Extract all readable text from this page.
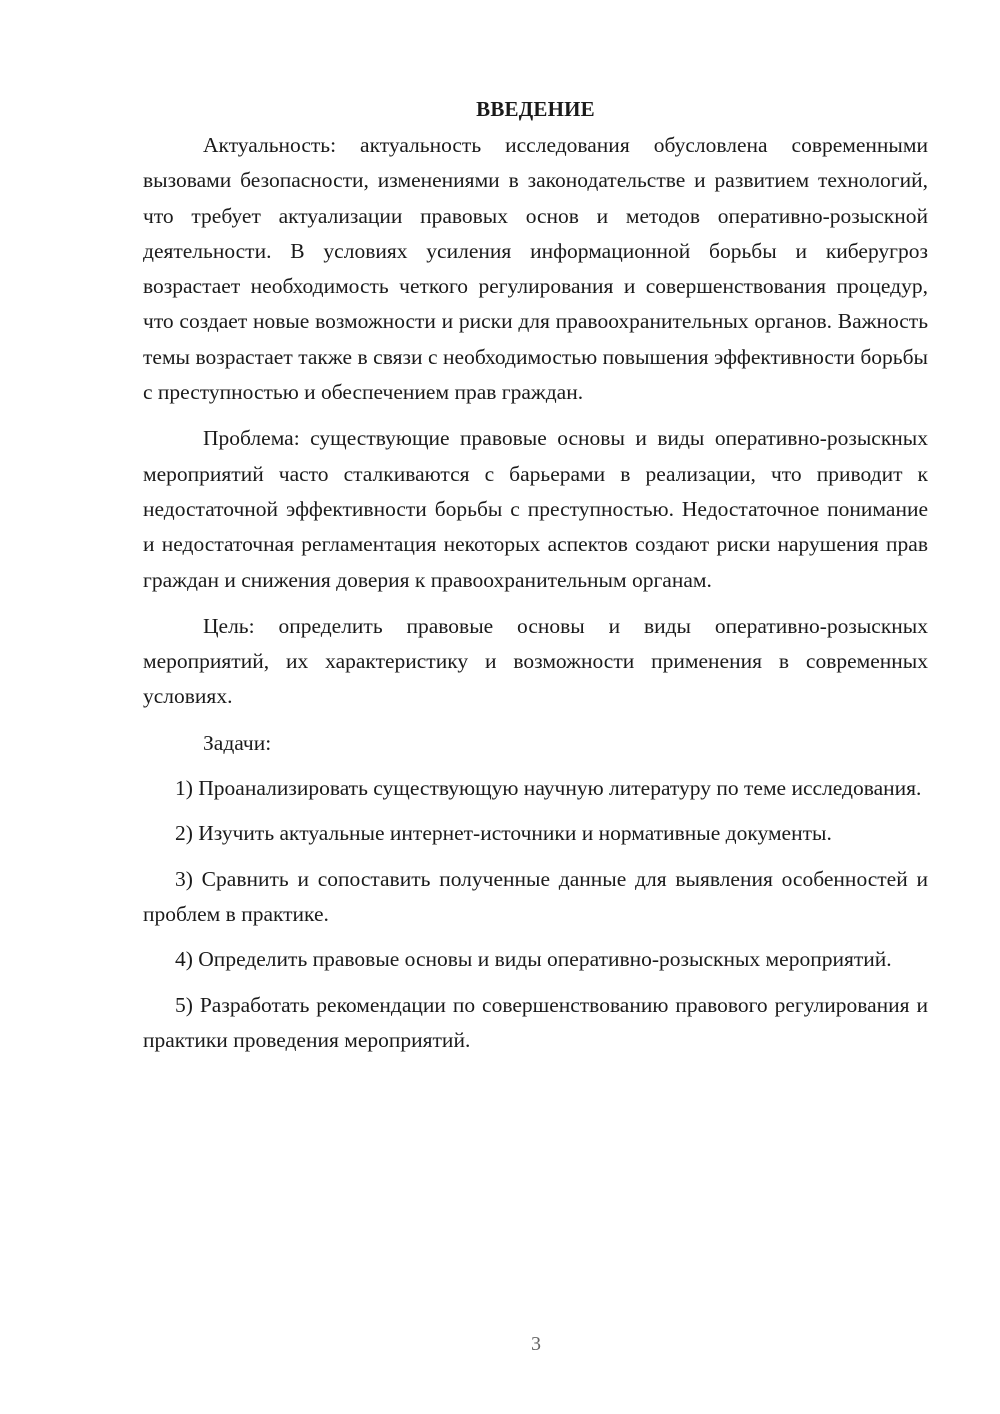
ВВЕДЕНИЕ

Актуальность: актуальность исследования обусловлена современными вызовами безопасности, изменениями в законодательстве и развитием технологий, что требует актуализации правовых основ и методов оперативно-розыскной деятельности. В условиях усиления информационной борьбы и киберугроз возрастает необходимость четкого регулирования и совершенствования процедур, что создает новые возможности и риски для правоохранительных органов. Важность темы возрастает также в связи с необходимостью повышения эффективности борьбы с преступностью и обеспечением прав граждан.

Проблема: существующие правовые основы и виды оперативно-розыскных мероприятий часто сталкиваются с барьерами в реализации, что приводит к недостаточной эффективности борьбы с преступностью. Недостаточное понимание и недостаточная регламентация некоторых аспектов создают риски нарушения прав граждан и снижения доверия к правоохранительным органам.

Цель: определить правовые основы и виды оперативно-розыскных мероприятий, их характеристику и возможности применения в современных условиях.

Задачи:

1) Проанализировать существующую научную литературу по теме исследования.

2) Изучить актуальные интернет-источники и нормативные документы.

3) Сравнить и сопоставить полученные данные для выявления особенностей и проблем в практике.

4) Определить правовые основы и виды оперативно-розыскных мероприятий.

5) Разработать рекомендации по совершенствованию правового регулирования и практики проведения мероприятий.

3
